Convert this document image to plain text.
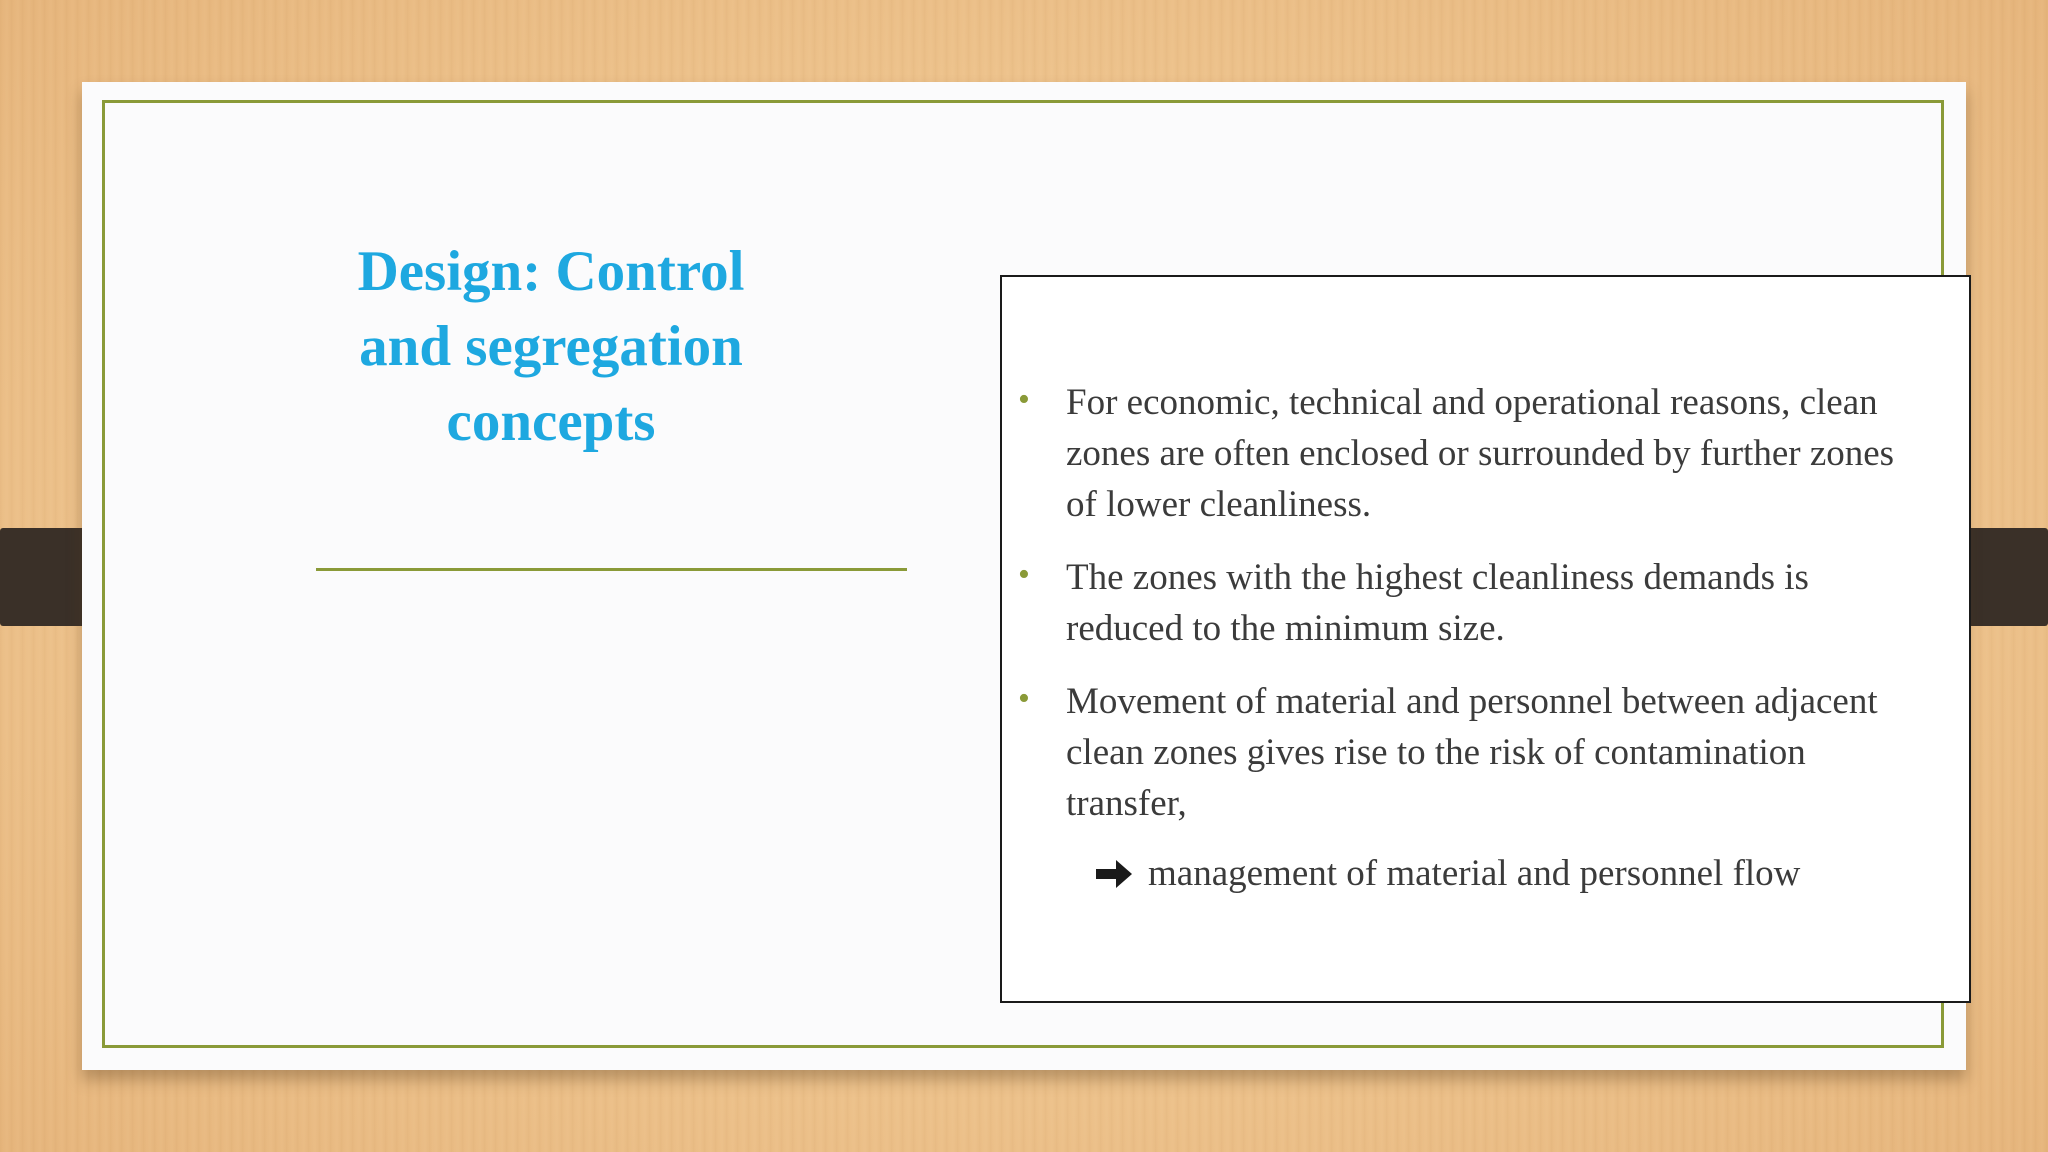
Design: Control and segregation concepts	• For economic, technical and operational reasons, clean zones are often enclosed or surrounded by further zones of lower cleanliness.
• The zones with the highest cleanliness demands is reduced to the minimum size.
• Movement of material and personnel between adjacent clean zones gives rise to the risk of contamination transfer,
management of material and personnel flow
